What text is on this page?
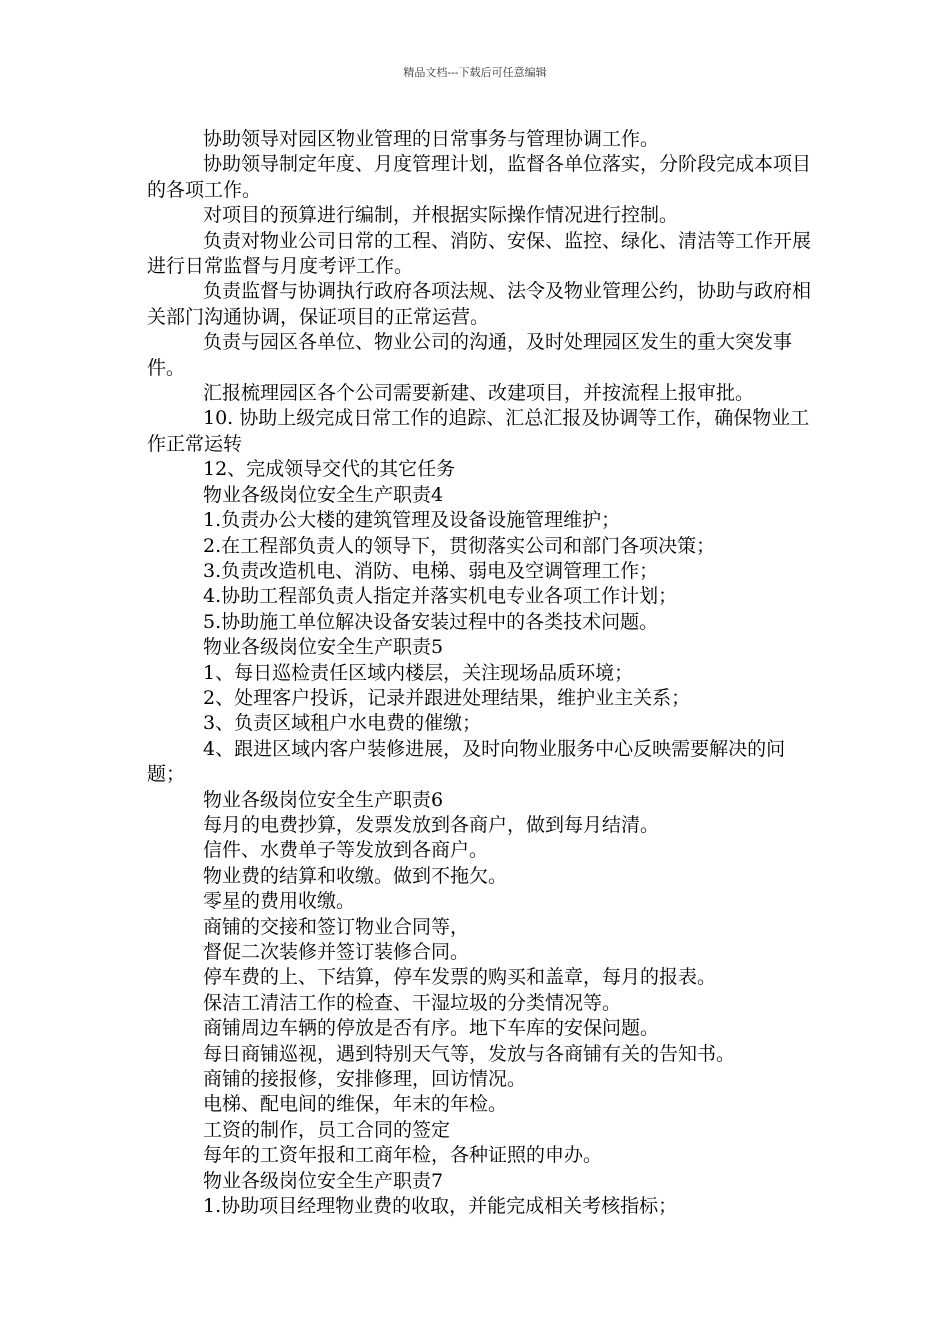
精品文档---下载后可任意编辑

协助领导对园区物业管理的日常事务与管理协调工作。

协助领导制定年度、月度管理计划，监督各单位落实，分阶段完成本项目的各项工作。

对项目的预算进行编制，并根据实际操作情况进行控制。

负责对物业公司日常的工程、消防、安保、监控、绿化、清洁等工作开展进行日常监督与月度考评工作。

负责监督与协调执行政府各项法规、法令及物业管理公约，协助与政府相关部门沟通协调，保证项目的正常运营。

负责与园区各单位、物业公司的沟通，及时处理园区发生的重大突发事件。

汇报梳理园区各个公司需要新建、改建项目，并按流程上报审批。

10. 协助上级完成日常工作的追踪、汇总汇报及协调等工作，确保物业工作正常运转

12、完成领导交代的其它任务

物业各级岗位安全生产职责4

1.负责办公大楼的建筑管理及设备设施管理维护；

2.在工程部负责人的领导下，贯彻落实公司和部门各项决策；

3.负责改造机电、消防、电梯、弱电及空调管理工作；

4.协助工程部负责人指定并落实机电专业各项工作计划；

5.协助施工单位解决设备安装过程中的各类技术问题。

物业各级岗位安全生产职责5

1、每日巡检责任区域内楼层，关注现场品质环境；

2、处理客户投诉，记录并跟进处理结果，维护业主关系；

3、负责区域租户水电费的催缴；

4、跟进区域内客户装修进展，及时向物业服务中心反映需要解决的问题；

物业各级岗位安全生产职责6

每月的电费抄算，发票发放到各商户，做到每月结清。

信件、水费单子等发放到各商户。

物业费的结算和收缴。做到不拖欠。

零星的费用收缴。

商铺的交接和签订物业合同等，

督促二次装修并签订装修合同。

停车费的上、下结算，停车发票的购买和盖章，每月的报表。

保洁工清洁工作的检查、干湿垃圾的分类情况等。

商铺周边车辆的停放是否有序。地下车库的安保问题。

每日商铺巡视，遇到特别天气等，发放与各商铺有关的告知书。

商铺的接报修，安排修理，回访情况。

电梯、配电间的维保，年末的年检。

工资的制作，员工合同的签定

每年的工资年报和工商年检，各种证照的申办。

物业各级岗位安全生产职责7

1.协助项目经理物业费的收取，并能完成相关考核指标；
